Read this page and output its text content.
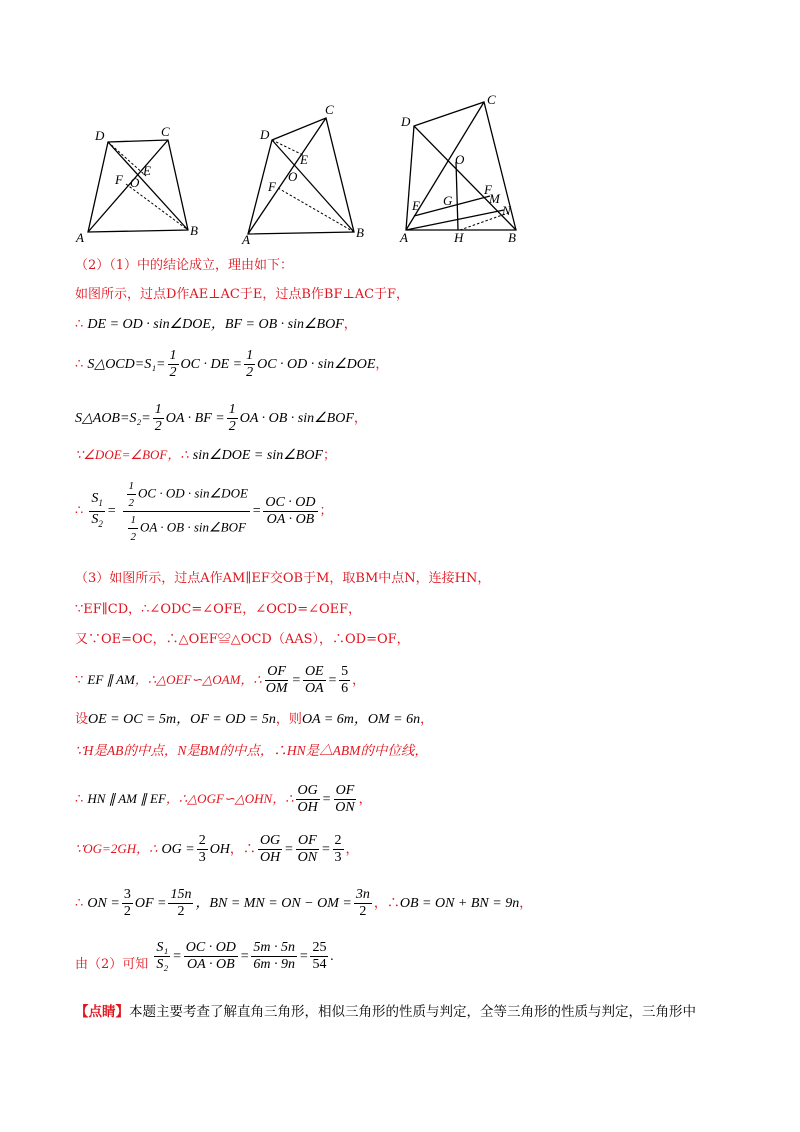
D	C
E
F O
A	B
D
C
E
O
F
A	B
D
C
O
F
M
E G
N
A	H	B
（2）（1）中的结论成立，理由如下：
如图所示，过点D作AE⊥AC于E，过点B作BF⊥AC于F，
∴ DE = OD · sin∠DOE，BF = OB · sin∠BOF，
∴ S△OCD=S₁= $\frac{1}{2}$ OC · DE = $\frac{1}{2}$ OC · OD · sin∠DOE，
S△AOB=S₂= $\frac{1}{2}$ OA · BF = $\frac{1}{2}$ OA · OB · sin∠BOF，
∵∠DOE=∠BOF，∴ sin∠DOE = sin∠BOF；
∴ $\frac{S_1}{S_2} = \frac{\frac{1}{2} OC \cdot OD \cdot \sin\angle DOE}{\frac{1}{2} OA \cdot OB \cdot \sin\angle BOF} = \frac{OC \cdot OD}{OA \cdot OB}$ ；
（3）如图所示，过点A作AM∥EF交OB于M，取BM中点N，连接HN，
∵EF∥CD，∴∠ODC=∠OFE，∠OCD=∠OEF，
又∵OE=OC，∴△OEF≌△OCD（AAS），∴OD=OF，
∵ EF ∥ AM，∴△OEF∽△OAM，∴ $\frac{OF}{OM} = \frac{OE}{OA} = \frac{5}{6}$ ，
设OE = OC = 5m，OF = OD = 5n，则OA = 6m，OM = 6n，
∵H是AB的中点，N是BM的中点，∴HN是△ABM的中位线，
∴ HN ∥ AM ∥ EF，∴△OGF∽△OHN，∴ $\frac{OG}{OH} = \frac{OF}{ON}$ ，
∵OG=2GH，∴ OG = $\frac{2}{3}$ OH，∴ $\frac{OG}{OH} = \frac{OF}{ON} = \frac{2}{3}$ ，
∴ ON = $\frac{3}{2}$ OF = $\frac{15n}{2}$ ，BN = MN = ON − OM = $\frac{3n}{2}$ ，∴OB = ON + BN = 9n，
由（2）可知 $\frac{\text{S₁}}{\text{S₂}} = \frac{OC \cdot OD}{OA \cdot OB} = \frac{5m \cdot 5n}{6m \cdot 9n} = \frac{25}{54}$ .
【点睛】本题主要考查了解直角三角形，相似三角形的性质与判定，全等三角形的性质与判定，三角形中
